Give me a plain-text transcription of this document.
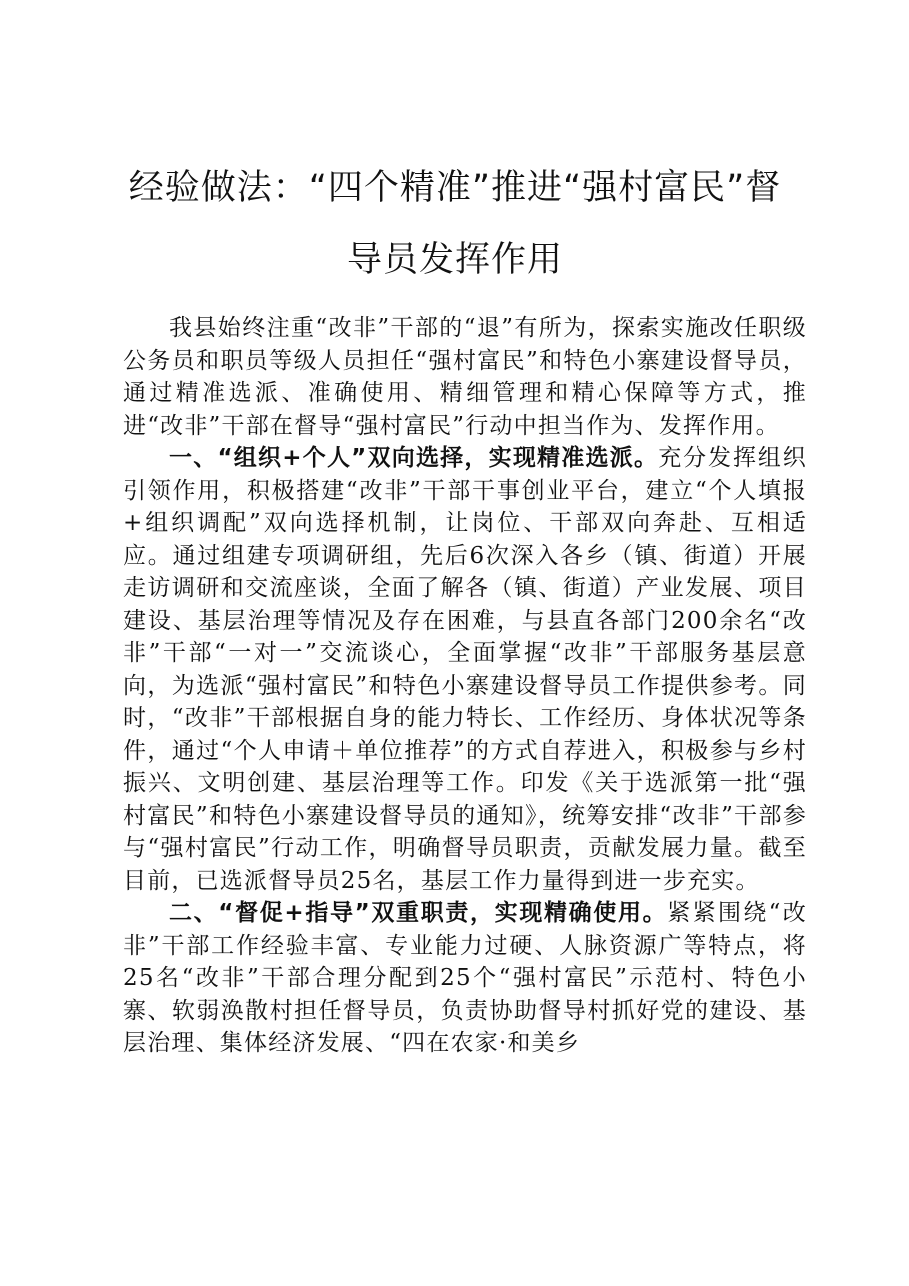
经验做法：“四个精准”推进“强村富民”督
导员发挥作用

我县始终注重“改非”干部的“退”有所为，探索实施改任职级公务员和职员等级人员担任“强村富民”和特色小寨建设督导员，通过精准选派、准确使用、精细管理和精心保障等方式，推进“改非”干部在督导“强村富民”行动中担当作为、发挥作用。

一、“组织+个人”双向选择，实现精准选派。充分发挥组织引领作用，积极搭建“改非”干部干事创业平台，建立“个人填报+组织调配”双向选择机制，让岗位、干部双向奔赴、互相适应。通过组建专项调研组，先后6次深入各乡（镇、街道）开展走访调研和交流座谈，全面了解各（镇、街道）产业发展、项目建设、基层治理等情况及存在困难，与县直各部门200余名“改非”干部“一对一”交流谈心，全面掌握“改非”干部服务基层意向，为选派“强村富民”和特色小寨建设督导员工作提供参考。同时，“改非”干部根据自身的能力特长、工作经历、身体状况等条件，通过“个人申请＋单位推荐”的方式自荐进入，积极参与乡村振兴、文明创建、基层治理等工作。印发《关于选派第一批“强村富民”和特色小寨建设督导员的通知》，统筹安排“改非”干部参与“强村富民”行动工作，明确督导员职责，贡献发展力量。截至目前，已选派督导员25名，基层工作力量得到进一步充实。

二、“督促+指导”双重职责，实现精确使用。紧紧围绕“改非”干部工作经验丰富、专业能力过硬、人脉资源广等特点，将25名“改非”干部合理分配到25个“强村富民”示范村、特色小寨、软弱涣散村担任督导员，负责协助督导村抓好党的建设、基层治理、集体经济发展、“四在农家·和美乡
